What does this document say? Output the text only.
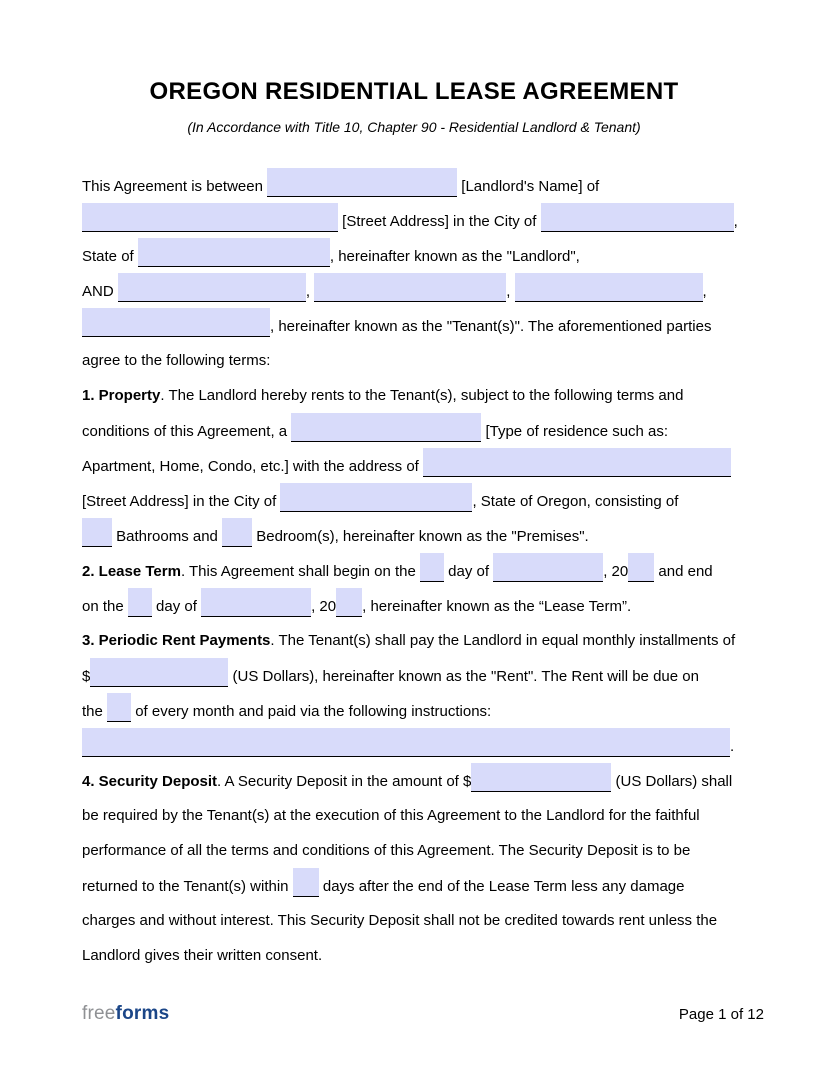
OREGON RESIDENTIAL LEASE AGREEMENT
(In Accordance with Title 10, Chapter 90 - Residential Landlord & Tenant)
This Agreement is between	[Landlord's Name] of
[Street Address] in the City of	,
State of	, hereinafter known as the "Landlord",
AND	,	,	,
, hereinafter known as the "Tenant(s)". The aforementioned parties
agree to the following terms:
1. Property. The Landlord hereby rents to the Tenant(s), subject to the following terms and
conditions of this Agreement, a	[Type of residence such as:
Apartment, Home, Condo, etc.] with the address of
[Street Address] in the City of	, State of Oregon, consisting of
Bathrooms and  Bedroom(s), hereinafter known as the "Premises".
2. Lease Term. This Agreement shall begin on the  day of	, 20 and end
on the  day of	, 20 , hereinafter known as the “Lease Term”.
3. Periodic Rent Payments. The Tenant(s) shall pay the Landlord in equal monthly installments of
$	(US Dollars), hereinafter known as the "Rent". The Rent will be due on
the  of every month and paid via the following instructions:
.
4. Security Deposit. A Security Deposit in the amount of $	(US Dollars) shall
be required by the Tenant(s) at the execution of this Agreement to the Landlord for the faithful
performance of all the terms and conditions of this Agreement. The Security Deposit is to be
returned to the Tenant(s) within  days after the end of the Lease Term less any damage
charges and without interest. This Security Deposit shall not be credited towards rent unless the
Landlord gives their written consent.
freeforms	Page 1 of 12
